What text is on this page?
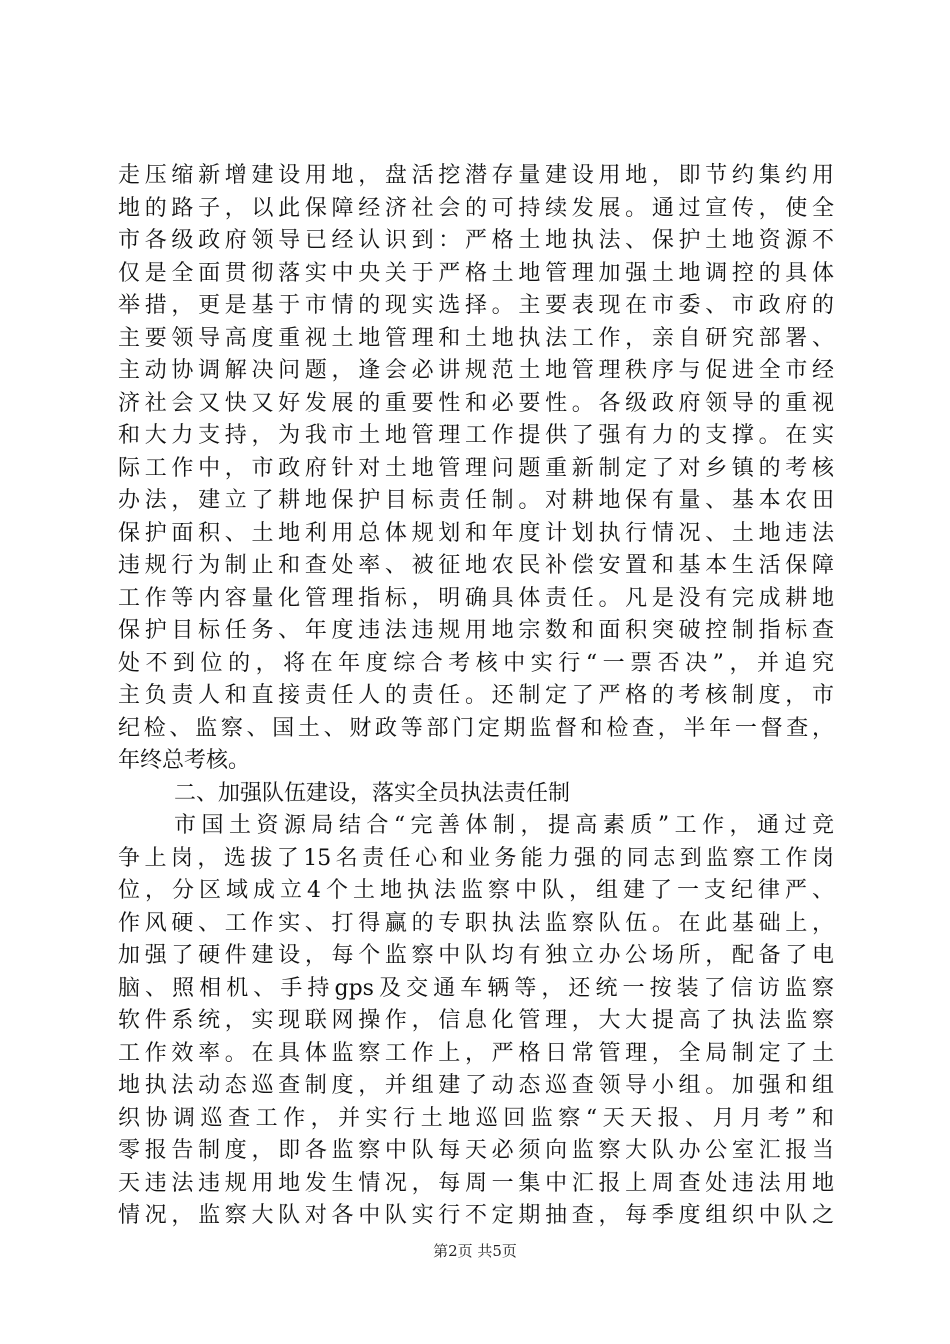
走压缩新增建设用地，盘活挖潜存量建设用地，即节约集约用
地的路子，以此保障经济社会的可持续发展。通过宣传，使全
市各级政府领导已经认识到：严格土地执法、保护土地资源不
仅是全面贯彻落实中央关于严格土地管理加强土地调控的具体
举措，更是基于市情的现实选择。主要表现在市委、市政府的
主要领导高度重视土地管理和土地执法工作，亲自研究部署、
主动协调解决问题，逢会必讲规范土地管理秩序与促进全市经
济社会又快又好发展的重要性和必要性。各级政府领导的重视
和大力支持，为我市土地管理工作提供了强有力的支撑。在实
际工作中，市政府针对土地管理问题重新制定了对乡镇的考核
办法，建立了耕地保护目标责任制。对耕地保有量、基本农田
保护面积、土地利用总体规划和年度计划执行情况、土地违法
违规行为制止和查处率、被征地农民补偿安置和基本生活保障
工作等内容量化管理指标，明确具体责任。凡是没有完成耕地
保护目标任务、年度违法违规用地宗数和面积突破控制指标查
处不到位的，将在年度综合考核中实行“一票否决”，并追究
主负责人和直接责任人的责任。还制定了严格的考核制度，市
纪检、监察、国土、财政等部门定期监督和检查，半年一督查，
年终总考核。
二、加强队伍建设，落实全员执法责任制
市国土资源局结合“完善体制，提高素质”工作，通过竞
争上岗，选拔了15名责任心和业务能力强的同志到监察工作岗
位，分区域成立4个土地执法监察中队，组建了一支纪律严、
作风硬、工作实、打得赢的专职执法监察队伍。在此基础上，
加强了硬件建设，每个监察中队均有独立办公场所，配备了电
脑、照相机、手持gps及交通车辆等，还统一按装了信访监察
软件系统，实现联网操作，信息化管理，大大提高了执法监察
工作效率。在具体监察工作上，严格日常管理，全局制定了土
地执法动态巡查制度，并组建了动态巡查领导小组。加强和组
织协调巡查工作，并实行土地巡回监察“天天报、月月考”和
零报告制度，即各监察中队每天必须向监察大队办公室汇报当
天违法违规用地发生情况，每周一集中汇报上周查处违法用地
情况，监察大队对各中队实行不定期抽查，每季度组织中队之
第2页 共5页
